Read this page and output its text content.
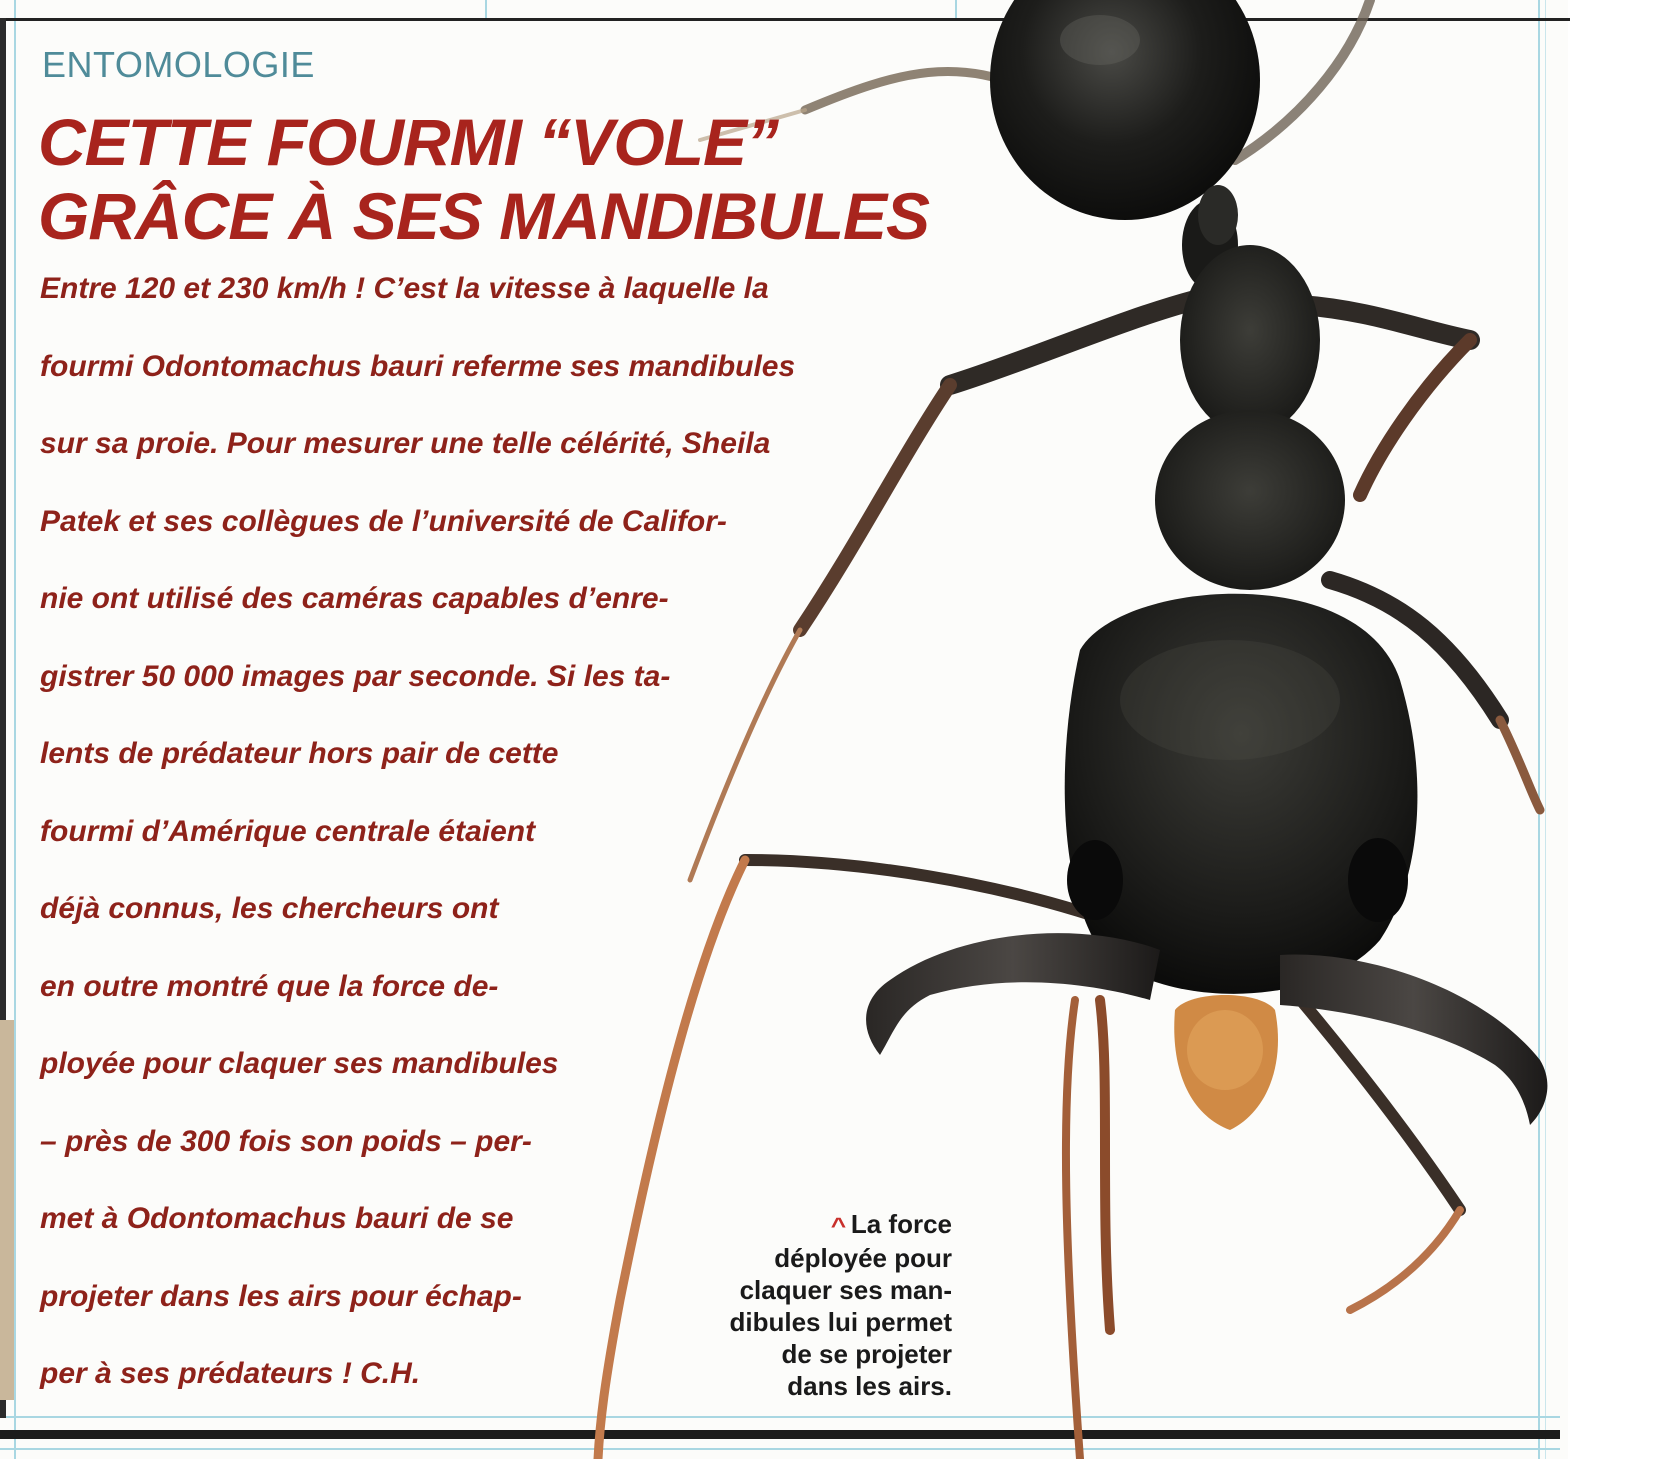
ENTOMOLOGIE
CETTE FOURMI “VOLE”
GRÂCE À SES MANDIBULES
Entre 120 et 230 km/h ! C’est la vitesse à laquelle la
fourmi Odontomachus bauri referme ses mandibules
sur sa proie. Pour mesurer une telle célérité, Sheila
Patek et ses collègues de l’université de Califor-
nie ont utilisé des caméras capables d’enre-
gistrer 50 000 images par seconde. Si les ta-
lents de prédateur hors pair de cette
fourmi d’Amérique centrale étaient
déjà connus, les chercheurs ont
en outre montré que la force de-
ployée pour claquer ses mandibules
– près de 300 fois son poids – per-
met à Odontomachus bauri de se
projeter dans les airs pour échap-
per à ses prédateurs ! C.H.
^ La force
déployée pour
claquer ses man-
dibules lui permet
de se projeter
dans les airs.
